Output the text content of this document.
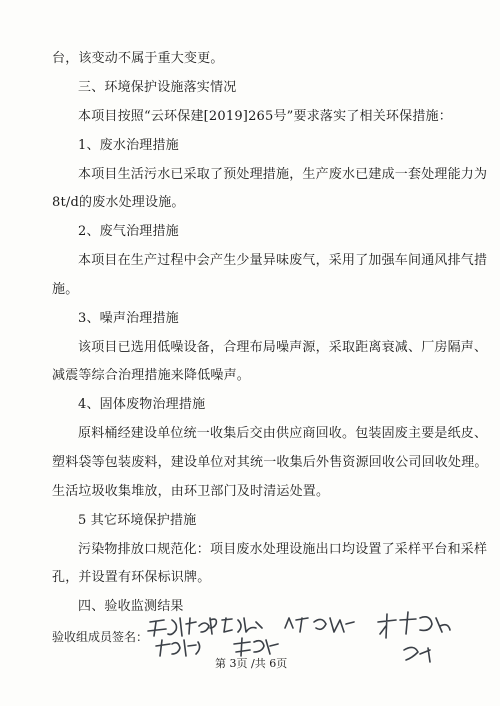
台，该变动不属于重大变更。
三、环境保护设施落实情况
本项目按照“云环保建[2019]265号”要求落实了相关环保措施：
1、废水治理措施
本项目生活污水已采取了预处理措施，生产废水已建成一套处理能力为
8t/d的废水处理设施。
2、废气治理措施
本项目在生产过程中会产生少量异味废气，采用了加强车间通风排气措
施。
3、噪声治理措施
该项目已选用低噪设备，合理布局噪声源，采取距离衰减、厂房隔声、
减震等综合治理措施来降低噪声。
4、固体废物治理措施
原料桶经建设单位统一收集后交由供应商回收。包装固废主要是纸皮、
塑料袋等包装废料，建设单位对其统一收集后外售资源回收公司回收处理。
生活垃圾收集堆放，由环卫部门及时清运处置。
5 其它环境保护措施
污染物排放口规范化：项目废水处理设施出口均设置了采样平台和采样
孔，并设置有环保标识牌。
四、验收监测结果
验收组成员签名：
第 3页 /共 6页
